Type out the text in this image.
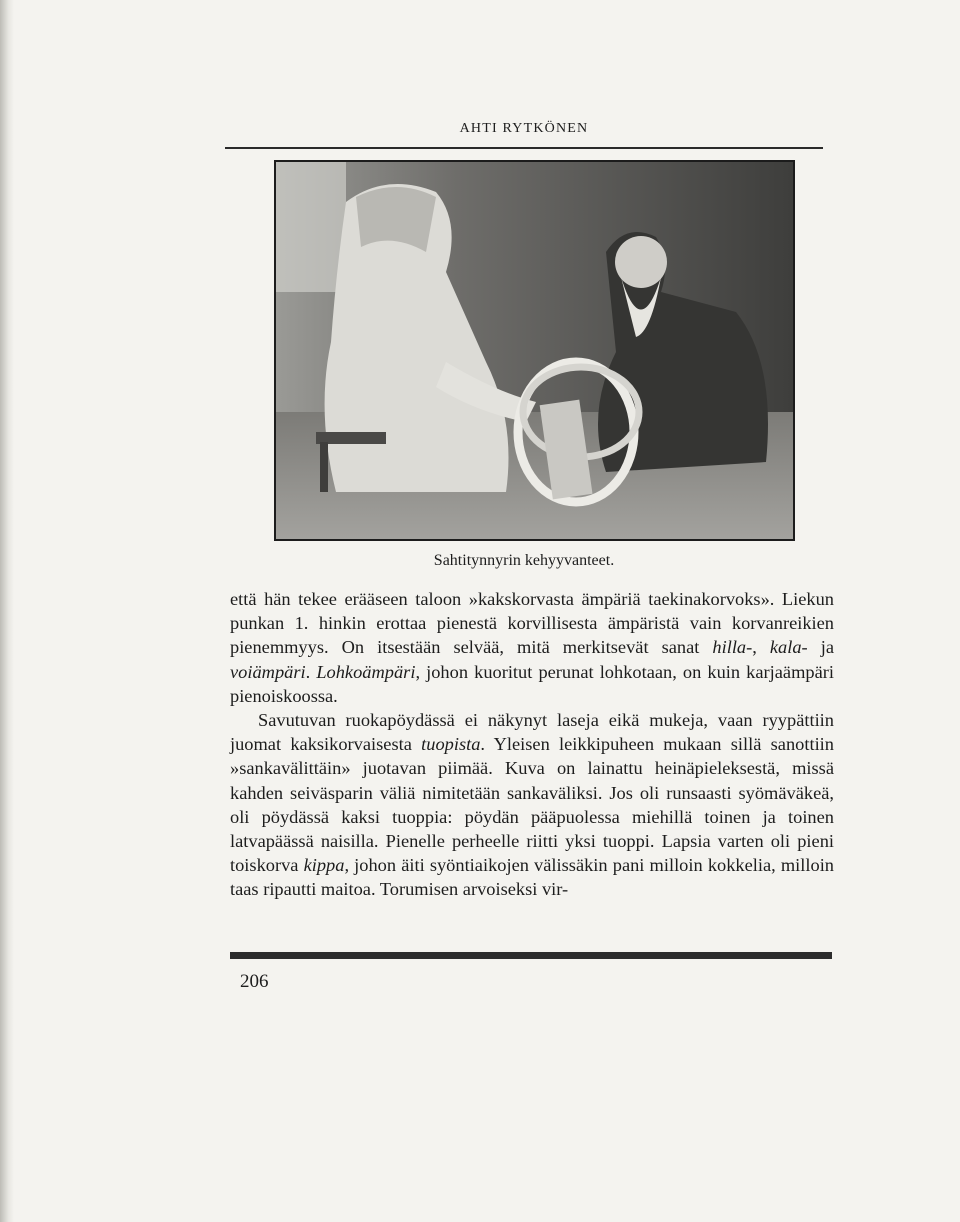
AHTI RYTKÖNEN
Sahtitynnyrin kehyyvanteet.

että hän tekee erääseen taloon »kakskorvasta ämpäriä taekinakorvoks». Liekun punkan 1. hinkin erottaa pienestä korvillisesta ämpäristä vain korvanreikien pienemmyys. On itsestään selvää, mitä merkitsevät sanat hilla-, kala- ja voiämpäri. Lohkoämpäri, johon kuoritut perunat lohkotaan, on kuin karjaämpäri pienoiskoossa.

Savutuvan ruokapöydässä ei näkynyt laseja eikä mukeja, vaan ryypättiin juomat kaksikorvaisesta tuopista. Yleisen leikkipuheen mukaan sillä sanottiin »sankavälittäin» juotavan piimää. Kuva on lainattu heinäpieleksestä, missä kahden seiväsparin väliä nimitetään sankaväliksi. Jos oli runsaasti syömäväkeä, oli pöydässä kaksi tuoppia: pöydän pääpuolessa miehillä toinen ja toinen latvapäässä naisilla. Pienelle perheelle riitti yksi tuoppi. Lapsia varten oli pieni toiskorva kippa, johon äiti syöntiaikojen välissäkin pani milloin kokkelia, milloin taas ripautti maitoa. Torumisen arvoiseksi vir-

206
